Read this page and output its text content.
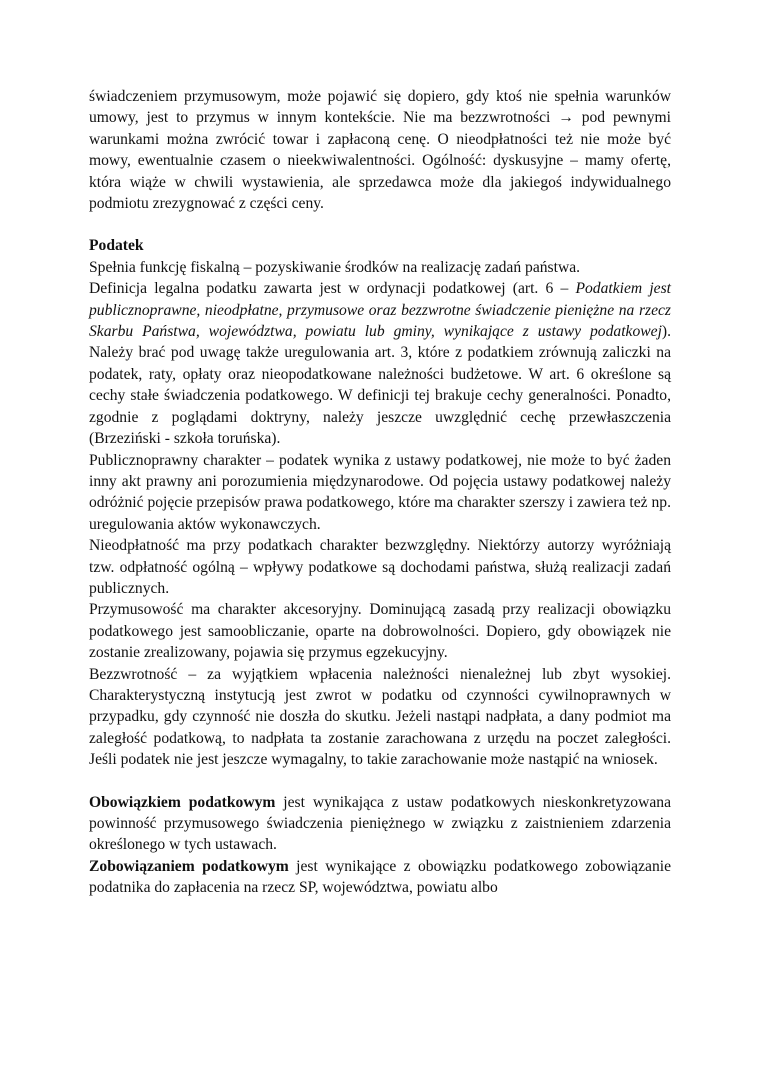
świadczeniem przymusowym, może pojawić się dopiero, gdy ktoś nie spełnia warunków umowy, jest to przymus w innym kontekście. Nie ma bezzwrotności → pod pewnymi warunkami można zwrócić towar i zapłaconą cenę. O nieodpłatności też nie może być mowy, ewentualnie czasem o nieekwiwalentności. Ogólność: dyskusyjne – mamy ofertę, która wiąże w chwili wystawienia, ale sprzedawca może dla jakiegoś indywidualnego podmiotu zrezygnować z części ceny.

Podatek

Spełnia funkcję fiskalną – pozyskiwanie środków na realizację zadań państwa.

Definicja legalna podatku zawarta jest w ordynacji podatkowej (art. 6 – Podatkiem jest publicznoprawne, nieodpłatne, przymusowe oraz bezzwrotne świadczenie pieniężne na rzecz Skarbu Państwa, województwa, powiatu lub gminy, wynikające z ustawy podatkowej). Należy brać pod uwagę także uregulowania art. 3, które z podatkiem zrównują zaliczki na podatek, raty, opłaty oraz nieopodatkowane należności budżetowe. W art. 6 określone są cechy stałe świadczenia podatkowego. W definicji tej brakuje cechy generalności. Ponadto, zgodnie z poglądami doktryny, należy jeszcze uwzględnić cechę przewłaszczenia (Brzeziński - szkoła toruńska).

Publicznoprawny charakter – podatek wynika z ustawy podatkowej, nie może to być żaden inny akt prawny ani porozumienia międzynarodowe. Od pojęcia ustawy podatkowej należy odróżnić pojęcie przepisów prawa podatkowego, które ma charakter szerszy i zawiera też np. uregulowania aktów wykonawczych.

Nieodpłatność ma przy podatkach charakter bezwzględny. Niektórzy autorzy wyróżniają tzw. odpłatność ogólną – wpływy podatkowe są dochodami państwa, służą realizacji zadań publicznych.

Przymusowość ma charakter akcesoryjny. Dominującą zasadą przy realizacji obowiązku podatkowego jest samoobliczanie, oparte na dobrowolności. Dopiero, gdy obowiązek nie zostanie zrealizowany, pojawia się przymus egzekucyjny.

Bezzwrotność – za wyjątkiem wpłacenia należności nienależnej lub zbyt wysokiej. Charakterystyczną instytucją jest zwrot w podatku od czynności cywilnoprawnych w przypadku, gdy czynność nie doszła do skutku. Jeżeli nastąpi nadpłata, a dany podmiot ma zaległość podatkową, to nadpłata ta zostanie zarachowana z urzędu na poczet zaległości. Jeśli podatek nie jest jeszcze wymagalny, to takie zarachowanie może nastąpić na wniosek.

Obowiązkiem podatkowym jest wynikająca z ustaw podatkowych nieskonkretyzowana powinność przymusowego świadczenia pieniężnego w związku z zaistnieniem zdarzenia określonego w tych ustawach.

Zobowiązaniem podatkowym jest wynikające z obowiązku podatkowego zobowiązanie podatnika do zapłacenia na rzecz SP, województwa, powiatu albo
